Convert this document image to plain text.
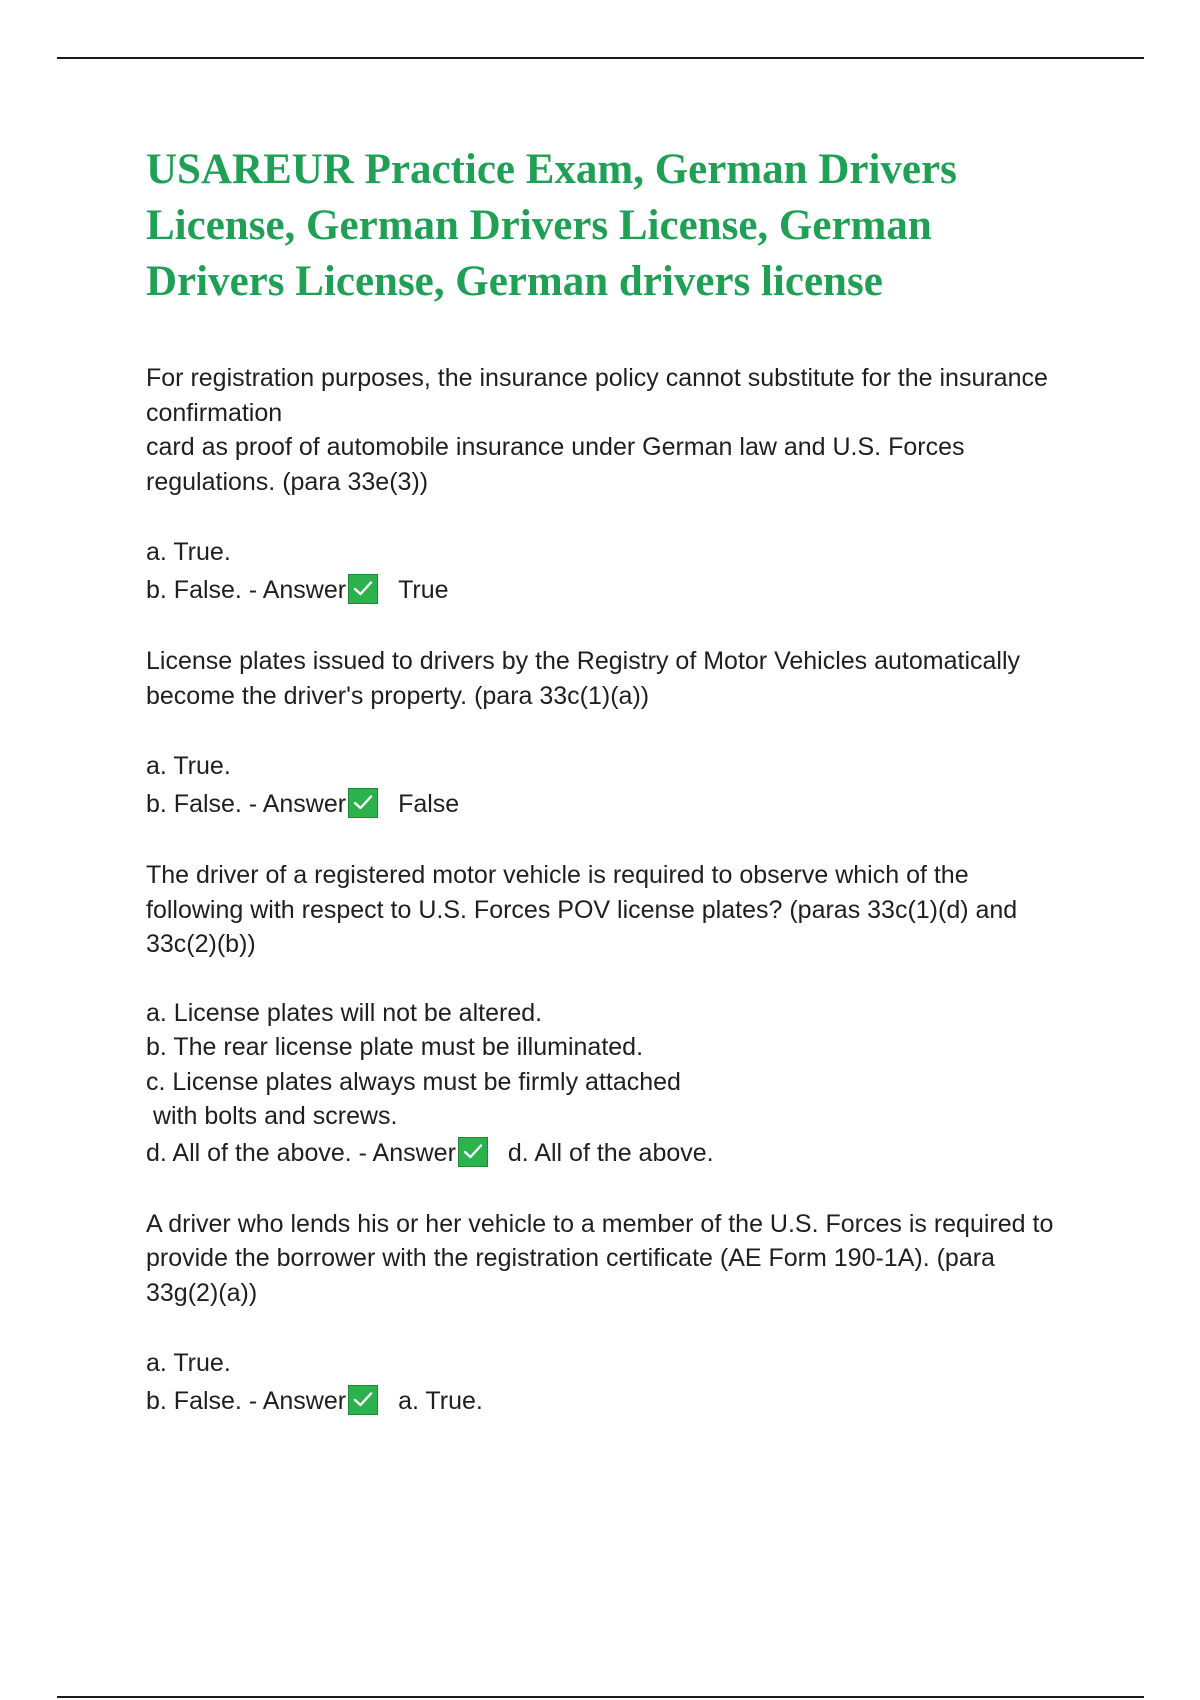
USAREUR Practice Exam, German Drivers License, German Drivers License, German Drivers License, German drivers license

For registration purposes, the insurance policy cannot substitute for the insurance

confirmation

card as proof of automobile insurance under German law and U.S. Forces

regulations. (para 33e(3))

a. True.

b. False. - Answer True

License plates issued to drivers by the Registry of Motor Vehicles automatically

become the driver's property. (para 33c(1)(a))

a. True.

b. False. - Answer False

The driver of a registered motor vehicle is required to observe which of the

following with respect to U.S. Forces POV license plates? (paras 33c(1)(d) and

33c(2)(b))

a. License plates will not be altered.

b. The rear license plate must be illuminated.

c. License plates always must be firmly attached

with bolts and screws.

d. All of the above. - Answer d. All of the above.

A driver who lends his or her vehicle to a member of the U.S. Forces is required to

provide the borrower with the registration certificate (AE Form 190-1A). (para

33g(2)(a))

a. True.

b. False. - Answer a. True.
